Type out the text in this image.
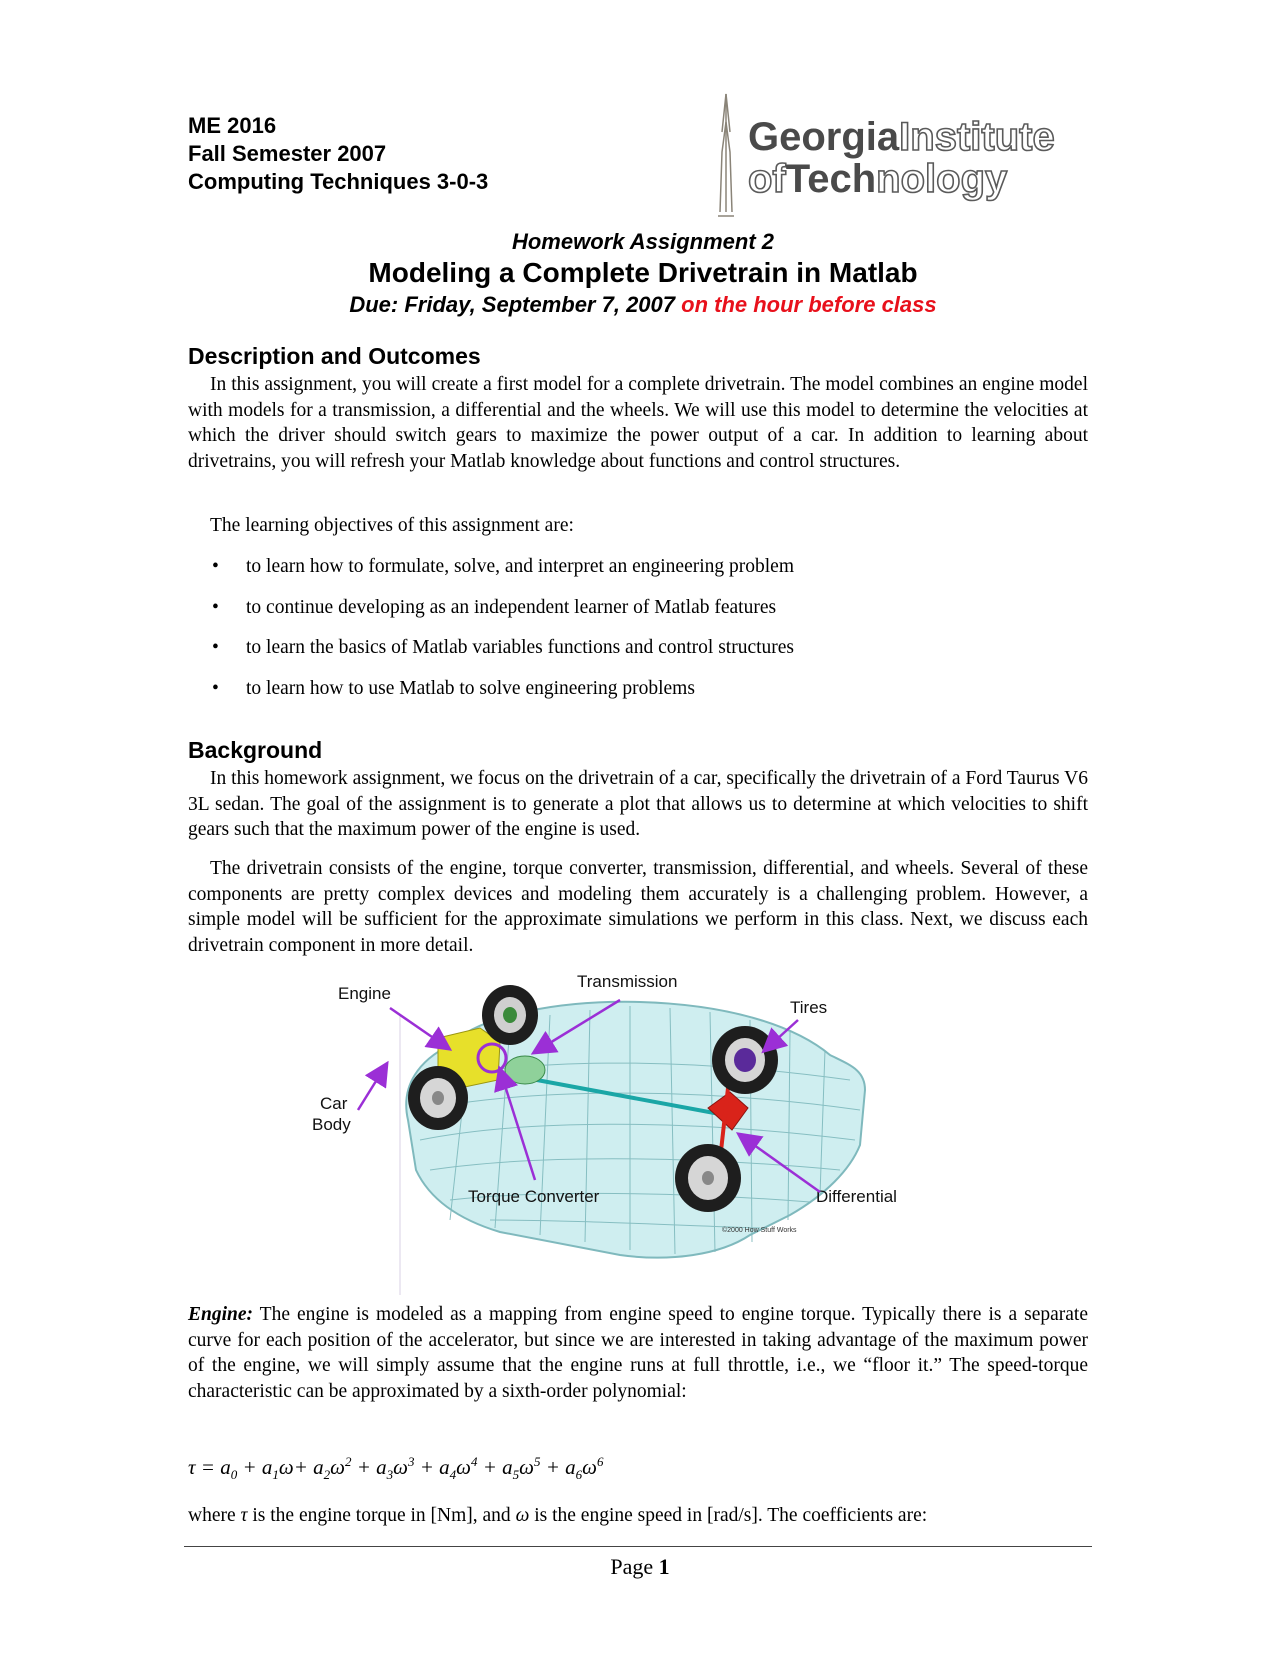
ME 2016
Fall Semester 2007
Computing Techniques 3-0-3
GeorgiaInstitute
ofTechnology
Homework Assignment 2
Modeling a Complete Drivetrain in Matlab
Due: Friday, September 7, 2007 on the hour before class
Description and Outcomes
In this assignment, you will create a first model for a complete drivetrain. The model combines an engine model with models for a transmission, a differential and the wheels. We will use this model to determine the velocities at which the driver should switch gears to maximize the power output of a car. In addition to learning about drivetrains, you will refresh your Matlab knowledge about functions and control structures.
The learning objectives of this assignment are:
• to learn how to formulate, solve, and interpret an engineering problem
• to continue developing as an independent learner of Matlab features
• to learn the basics of Matlab variables functions and control structures
• to learn how to use Matlab to solve engineering problems
Background
In this homework assignment, we focus on the drivetrain of a car, specifically the drivetrain of a Ford Taurus V6 3L sedan. The goal of the assignment is to generate a plot that allows us to determine at which velocities to shift gears such that the maximum power of the engine is used.
The drivetrain consists of the engine, torque converter, transmission, differential, and wheels. Several of these components are pretty complex devices and modeling them accurately is a challenging problem. However, a simple model will be sufficient for the approximate simulations we perform in this class. Next, we discuss each drivetrain component in more detail.
Transmission
Engine
Tires
Car
Body
Torque Converter	Differential
©2000 How Stuff Works
Engine: The engine is modeled as a mapping from engine speed to engine torque. Typically there is a separate curve for each position of the accelerator, but since we are interested in taking advantage of the maximum power of the engine, we will simply assume that the engine runs at full throttle, i.e., we “floor it.” The speed-torque characteristic can be approximated by a sixth-order polynomial:
$\tau = a_0 + a_1\omega+ a_2\omega^2 + a_3\omega^3 + a_4\omega^4 + a_5\omega^5 + a_6\omega^6$
where τ is the engine torque in [Nm], and ω is the engine speed in [rad/s]. The coefficients are:
Page 1
